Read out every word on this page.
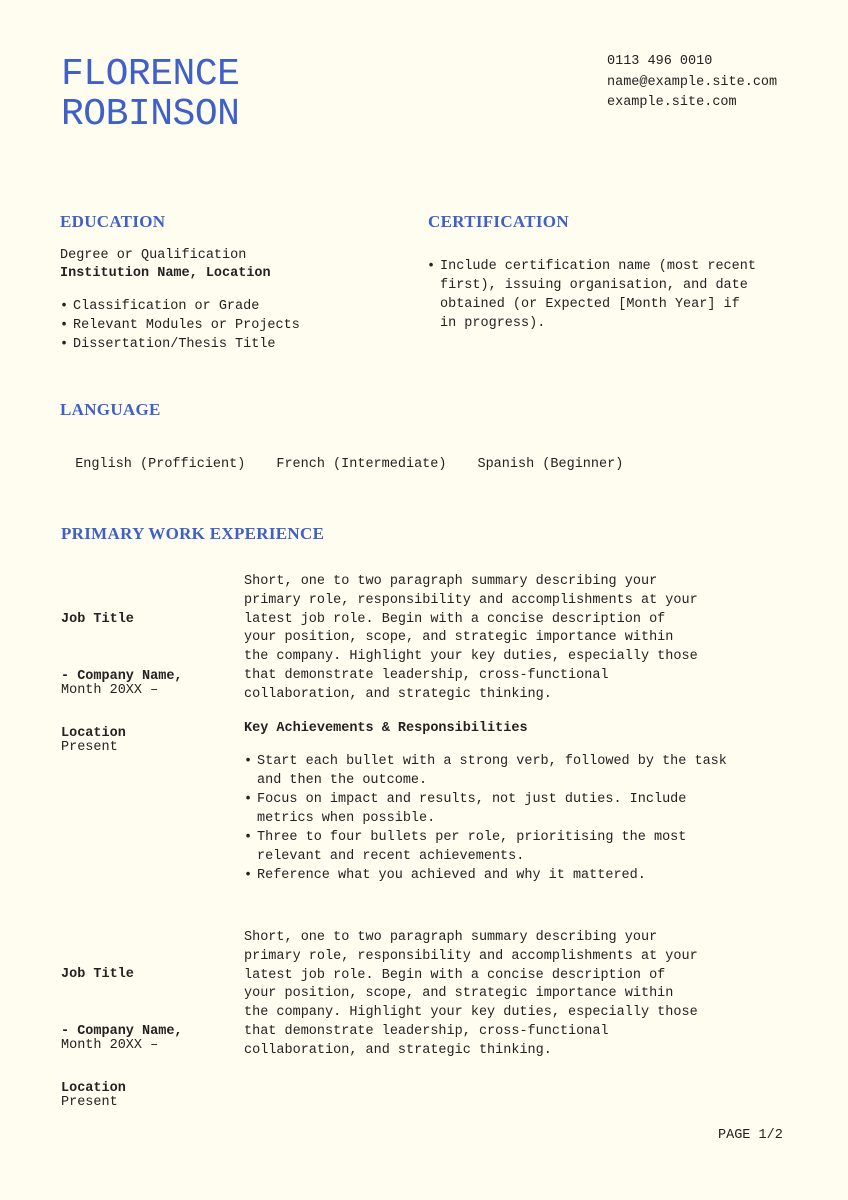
FLORENCE
ROBINSON
0113 496 0010
name@example.site.com
example.site.com
EDUCATION
Degree or Qualification
Institution Name, Location
• Classification or Grade
• Relevant Modules or Projects
• Dissertation/Thesis Title
CERTIFICATION
• Include certification name (most recent
first), issuing organisation, and date
obtained (or Expected [Month Year] if
in progress).
LANGUAGE

English (Profficient) French (Intermediate) Spanish (Beginner)

PRIMARY WORK EXPERIENCE

Job Title

- Company Name,

Location

Month 20XX –

Present

Short, one to two paragraph summary describing your
primary role, responsibility and accomplishments at your
latest job role. Begin with a concise description of
your position, scope, and strategic importance within
the company. Highlight your key duties, especially those
that demonstrate leadership, cross-functional
collaboration, and strategic thinking.
Key Achievements & Responsibilities
• Start each bullet with a strong verb, followed by the task
and then the outcome.
• Focus on impact and results, not just duties. Include
metrics when possible.
• Three to four bullets per role, prioritising the most
relevant and recent achievements.
• Reference what you achieved and why it mattered.

Job Title

- Company Name,

Location

Month 20XX –

Present

Short, one to two paragraph summary describing your
primary role, responsibility and accomplishments at your
latest job role. Begin with a concise description of
your position, scope, and strategic importance within
the company. Highlight your key duties, especially those
that demonstrate leadership, cross-functional
collaboration, and strategic thinking.
PAGE 1/2
